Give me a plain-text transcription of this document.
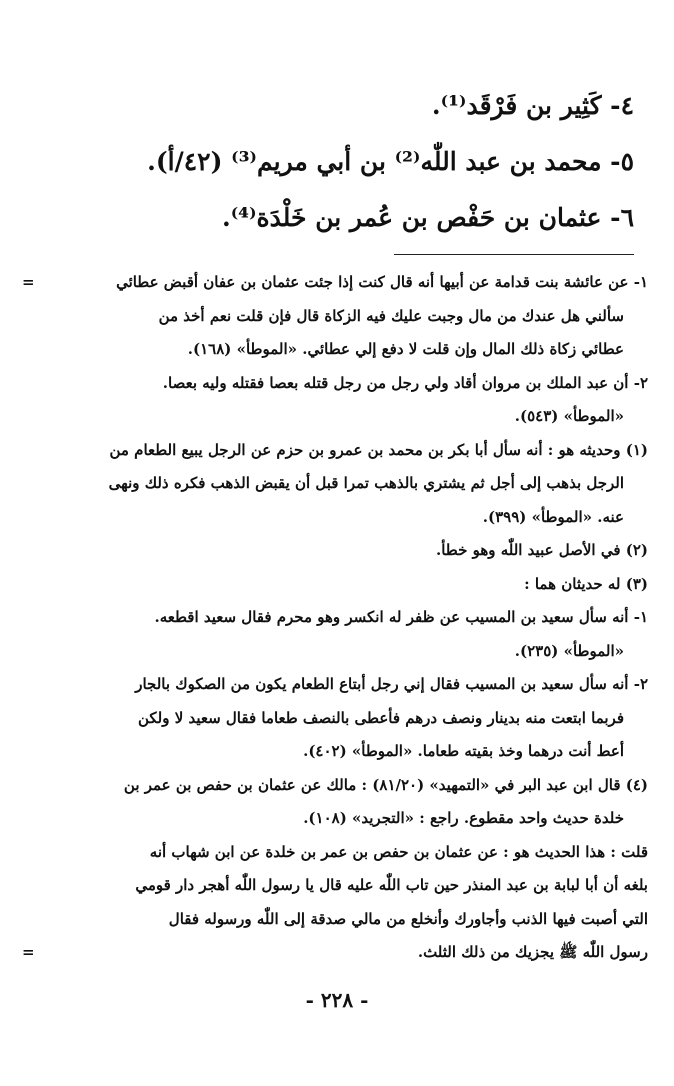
٤- كَثِير بن فَرْقَد⁽¹⁾.
٥- محمد بن عبد اللّٰه⁽²⁾ بن أبي مريم⁽³⁾ (٤٢/أ).
٦- عثمان بن حَفْص بن عُمر بن خَلْدَة⁽⁴⁾.
=	١- عن عائشة بنت قدامة عن أبيها أنه قال كنت إذا جئت عثمان بن عفان أقبض عطائي
سألني هل عندك من مال وجبت عليك فيه الزكاة قال فإن قلت نعم أخذ من
عطائي زكاة ذلك المال وإن قلت لا دفع إلي عطائي. «الموطأ» (١٦٨).
٢- أن عبد الملك بن مروان أقاد ولي رجل من رجل قتله بعصا فقتله وليه بعصا.
«الموطأ» (٥٤٣).
(١) وحديثه هو : أنه سأل أبا بكر بن محمد بن عمرو بن حزم عن الرجل يبيع الطعام من
الرجل بذهب إلى أجل ثم يشتري بالذهب تمرا قبل أن يقبض الذهب فكره ذلك ونهى
عنه. «الموطأ» (٣٩٩).
(٢) في الأصل عبيد اللّٰه وهو خطأ.
(٣) له حديثان هما :
١- أنه سأل سعيد بن المسيب عن ظفر له انكسر وهو محرم فقال سعيد اقطعه.
«الموطأ» (٢٣٥).
٢- أنه سأل سعيد بن المسيب فقال إني رجل أبتاع الطعام يكون من الصكوك بالجار
فربما ابتعت منه بدينار ونصف درهم فأعطى بالنصف طعاما فقال سعيد لا ولكن
أعط أنت درهما وخذ بقيته طعاما. «الموطأ» (٤٠٢).
(٤) قال ابن عبد البر في «التمهيد» (٨١/٢٠) : مالك عن عثمان بن حفص بن عمر بن
خلدة حديث واحد مقطوع. راجع : «التجريد» (١٠٨).
قلت : هذا الحديث هو : عن عثمان بن حفص بن عمر بن خلدة عن ابن شهاب أنه
بلغه أن أبا لبابة بن عبد المنذر حين تاب اللّٰه عليه قال يا رسول اللّٰه أهجر دار قومي
التي أصبت فيها الذنب وأجاورك وأنخلع من مالي صدقة إلى اللّٰه ورسوله فقال
=	رسول اللّٰه ﷺ يجزيك من ذلك الثلث.
- ٢٢٨ -
